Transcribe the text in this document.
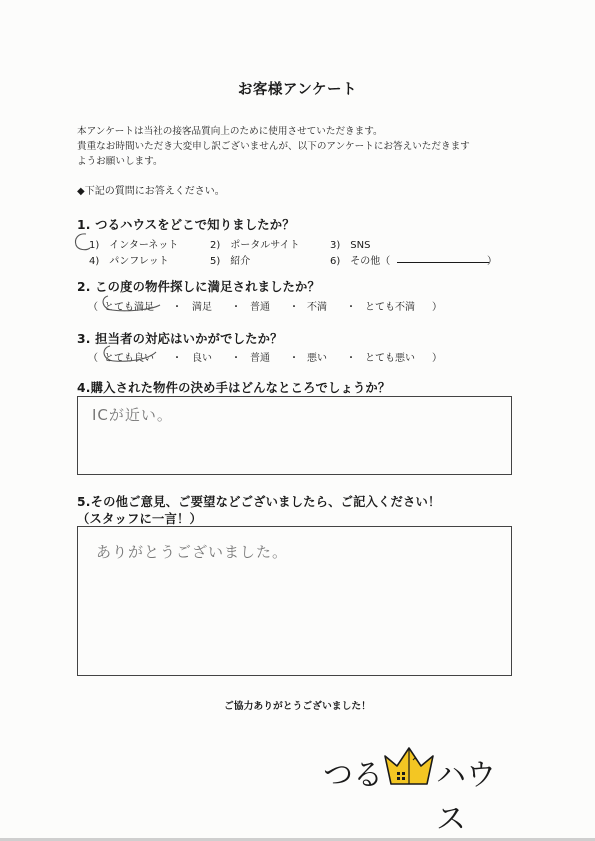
お客様アンケート
本アンケートは当社の接客品質向上のために使用させていただきます。
貴重なお時間いただき大変申し訳ございませんが、以下のアンケートにお答えいただきます
ようお願いします。
◆下記の質問にお答えください。
1. つるハウスをどこで知りましたか？
1)　インターネット	2)　ポータルサイト	3)　SNS
4)　パンフレット	5)　紹介	6)　その他（	）
2. この度の物件探しに満足されましたか？
（ とても満足 ・ 満足 ・ 普通 ・ 不満 ・ とても不満 ）
3. 担当者の対応はいかがでしたか？
（ とても良い ・ 良い ・ 普通 ・ 悪い ・ とても悪い ）
4.購入された物件の決め手はどんなところでしょうか？
ICが近い。
5.その他ご意見、ご要望などございましたら、ご記入ください！
（スタッフに一言！）
ありがとうございました。
ご協力ありがとうございました！
つる ハウス
